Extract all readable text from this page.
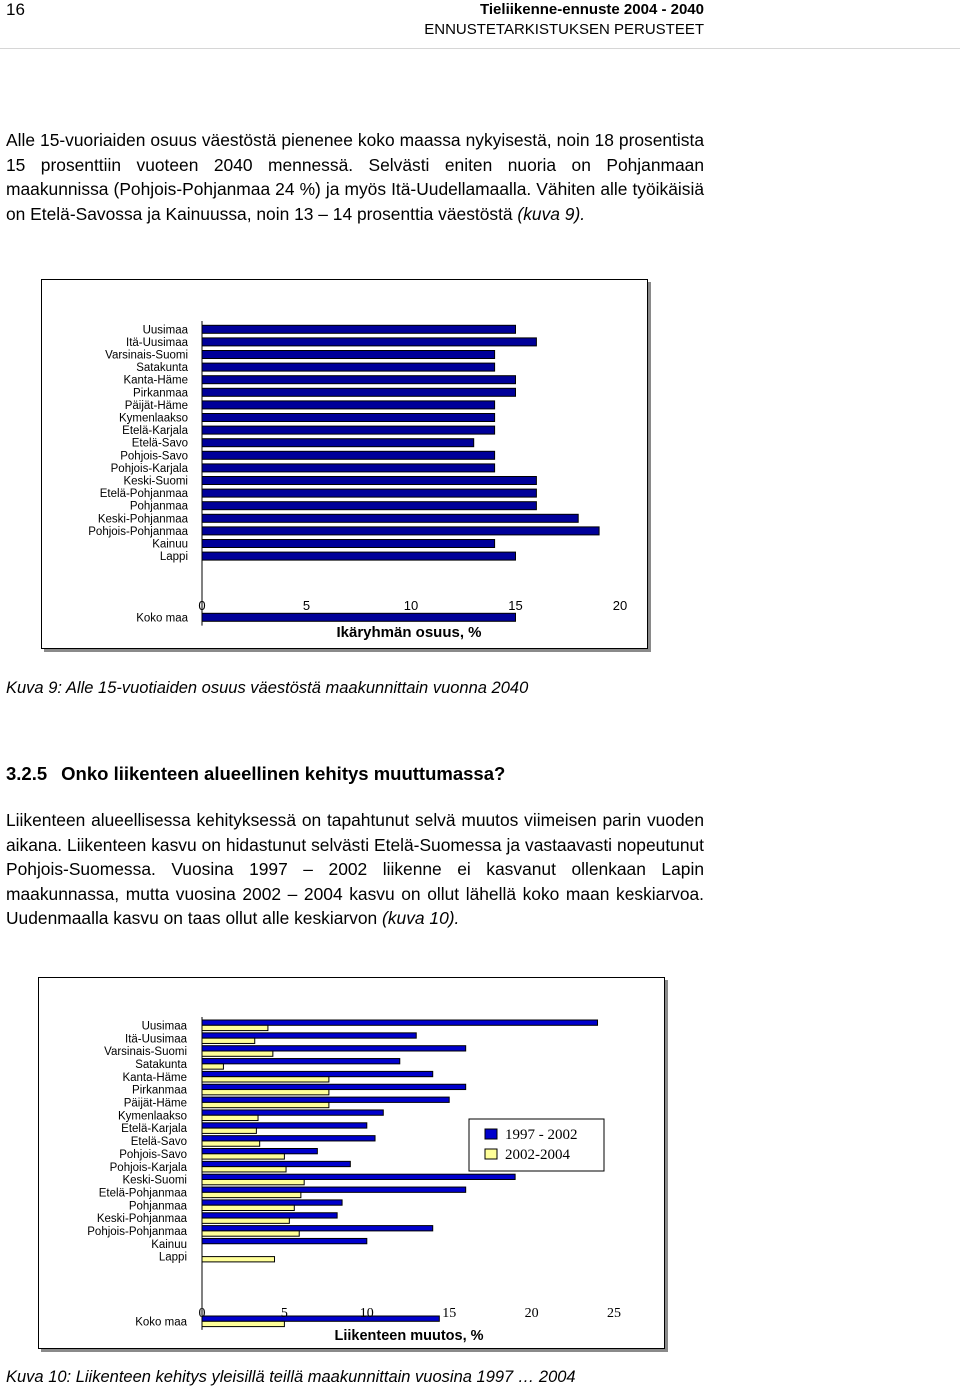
16	Tieliikenne-ennuste 2004 - 2040
ENNUSTETARKISTUKSEN PERUSTEET

Alle 15-vuoriaiden osuus väestöstä pienenee koko maassa nykyisestä, noin 18 prosentista 15 prosenttiin vuoteen 2040 mennessä. Selvästi eniten nuoria on Pohjanmaan maakunnissa (Pohjois-Pohjanmaa 24 %) ja myös Itä-Uudellamaalla. Vähiten alle työikäisiä on Etelä-Savossa ja Kainuussa, noin 13 – 14 prosenttia väestöstä (kuva 9).

Uusimaa
Itä-Uusimaa
Varsinais-Suomi
Satakunta
Kanta-Häme
Pirkanmaa
Päijät-Häme
Kymenlaakso
Etelä-Karjala
Etelä-Savo
Pohjois-Savo
Pohjois-Karjala
Keski-Suomi
Etelä-Pohjanmaa
Pohjanmaa
Keski-Pohjanmaa
Pohjois-Pohjanmaa
Kainuu
Lappi
Koko maa
0	5	10	15	20
Ikäryhmän osuus, %
Kuva 9: Alle 15-vuotiaiden osuus väestöstä maakunnittain vuonna 2040
3.2.5 Onko liikenteen alueellinen kehitys muuttumassa?

Liikenteen alueellisessa kehityksessä on tapahtunut selvä muutos viimeisen parin vuoden aikana. Liikenteen kasvu on hidastunut selvästi Etelä-Suomessa ja vastaavasti nopeutunut Pohjois-Suomessa. Vuosina 1997 – 2002 liikenne ei kasvanut ollenkaan Lapin maakunnassa, mutta vuosina 2002 – 2004 kasvu on ollut lähellä koko maan keskiarvoa. Uudenmaalla kasvu on taas ollut alle keskiarvon (kuva 10).

Uusimaa
Itä-Uusimaa
Varsinais-Suomi
Satakunta
Kanta-Häme
Pirkanmaa
Päijät-Häme
Kymenlaakso
Etelä-Karjala
Etelä-Savo
Pohjois-Savo
Pohjois-Karjala
Keski-Suomi
Etelä-Pohjanmaa
Pohjanmaa
Keski-Pohjanmaa
Pohjois-Pohjanmaa
Kainuu
Lappi
Koko maa
0	5	10	15	20	25
Liikenteen muutos, %
1997 - 2002
2002-2004
Kuva 10: Liikenteen kehitys yleisillä teillä maakunnittain vuosina 1997 … 2004
